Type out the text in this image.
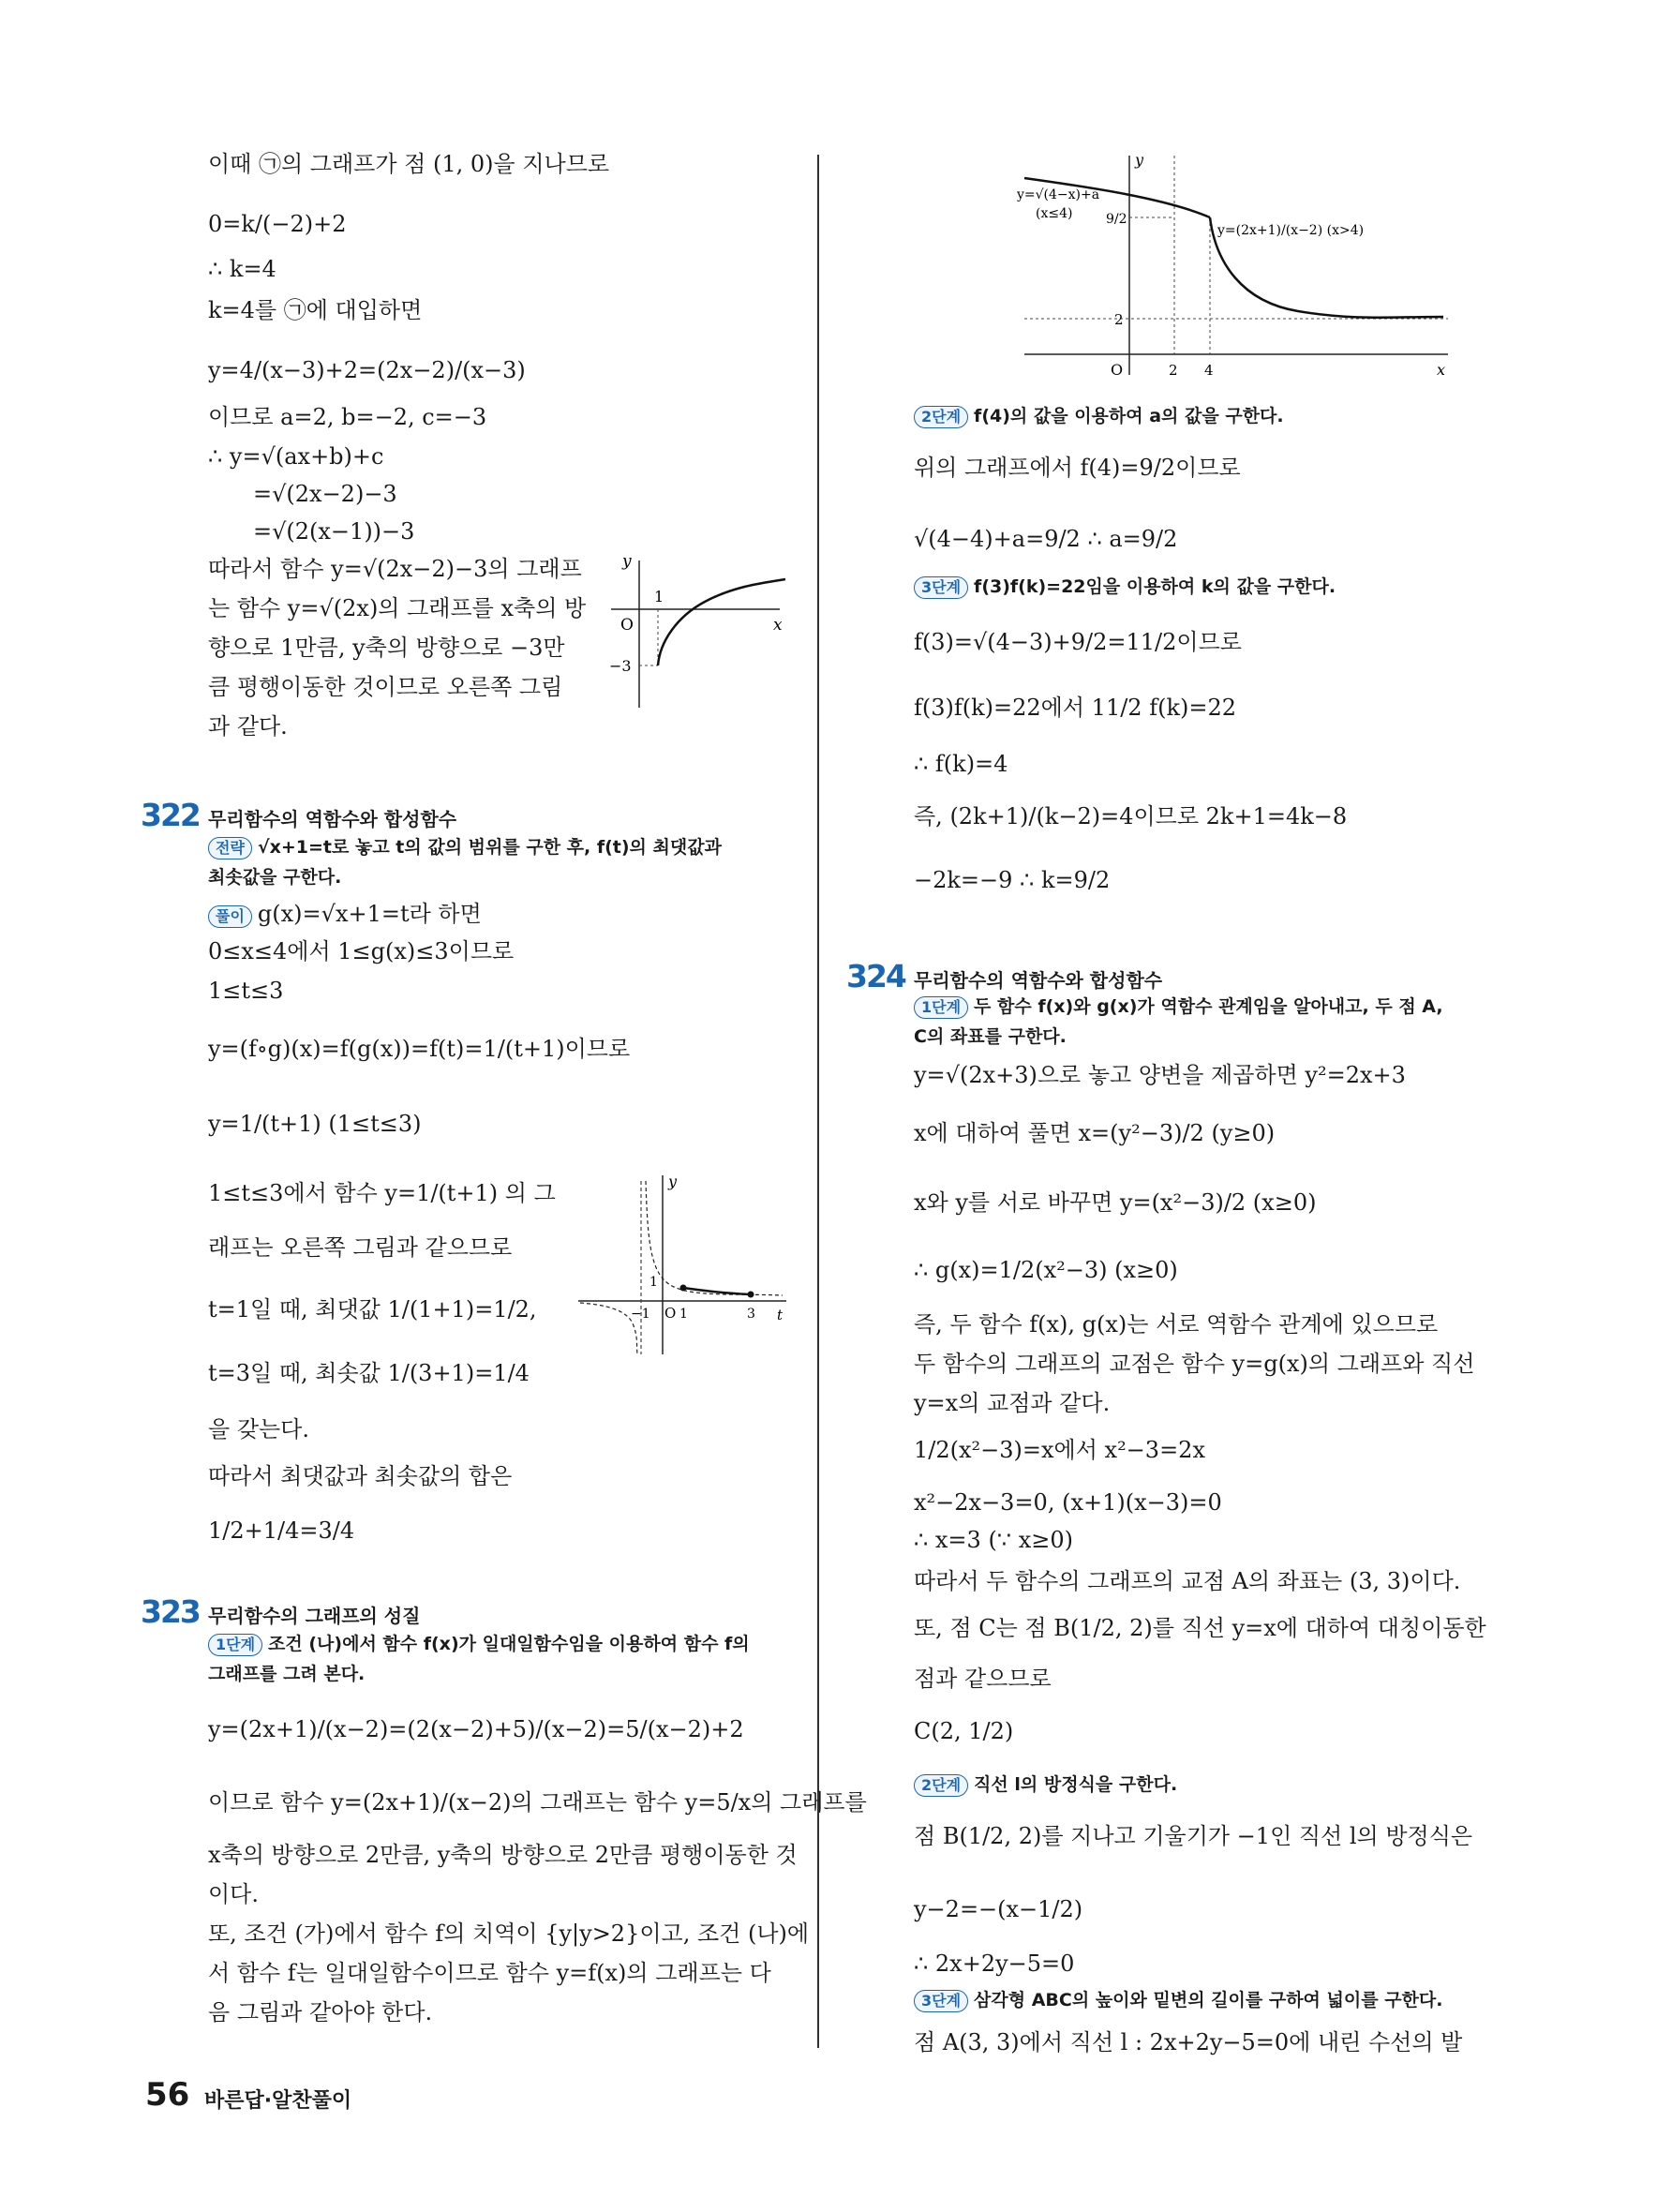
이때 ㉠의 그래프가 점 (1, 0)을 지나므로
0=k/(−2)+2
∴ k=4
k=4를 ㉠에 대입하면
y=4/(x−3)+2=(2x−2)/(x−3)
이므로 a=2, b=−2, c=−3
∴ y=√(ax+b)+c
=√(2x−2)−3
=√(2(x−1))−3
따라서 함수 y=√(2x−2)−3의 그래프
는 함수 y=√(2x)의 그래프를 x축의 방
향으로 1만큼, y축의 방향으로 −3만
큼 평행이동한 것이므로 오른쪽 그림
과 같다.
y
x
O
1
−3
322 무리함수의 역함수와 합성함수
전략 √x+1=t로 놓고 t의 값의 범위를 구한 후, f(t)의 최댓값과
최솟값을 구한다.
풀이 g(x)=√x+1=t라 하면
0≤x≤4에서 1≤g(x)≤3이므로
1≤t≤3
y=(f∘g)(x)=f(g(x))=f(t)=1/(t+1)이므로
y=1/(t+1) (1≤t≤3)
1≤t≤3에서 함수 y=1/(t+1) 의 그
래프는 오른쪽 그림과 같으므로
t=1일 때, 최댓값 1/(1+1)=1/2,
t=3일 때, 최솟값 1/(3+1)=1/4
을 갖는다.
따라서 최댓값과 최솟값의 합은
1/2+1/4=3/4
y
t
O 1	3
−1
1
323 무리함수의 그래프의 성질
1단계 조건 (나)에서 함수 f(x)가 일대일함수임을 이용하여 함수 f의
그래프를 그려 본다.
y=(2x+1)/(x−2)=(2(x−2)+5)/(x−2)=5/(x−2)+2
이므로 함수 y=(2x+1)/(x−2)의 그래프는 함수 y=5/x의 그래프를
x축의 방향으로 2만큼, y축의 방향으로 2만큼 평행이동한 것
이다.
또, 조건 (가)에서 함수 f의 치역이 {y|y>2}이고, 조건 (나)에
서 함수 f는 일대일함수이므로 함수 y=f(x)의 그래프는 다
음 그림과 같아야 한다.
y
x
O	2 4
2
9/2
y=√(4−x)+a
(x≤4)
y=(2x+1)/(x−2) (x>4)
2단계 f(4)의 값을 이용하여 a의 값을 구한다.
위의 그래프에서 f(4)=9/2이므로
√(4−4)+a=9/2 ∴ a=9/2
3단계 f(3)f(k)=22임을 이용하여 k의 값을 구한다.
f(3)=√(4−3)+9/2=11/2이므로
f(3)f(k)=22에서 11/2 f(k)=22
∴ f(k)=4
즉, (2k+1)/(k−2)=4이므로 2k+1=4k−8
−2k=−9 ∴ k=9/2
324 무리함수의 역함수와 합성함수
1단계 두 함수 f(x)와 g(x)가 역함수 관계임을 알아내고, 두 점 A,
C의 좌표를 구한다.
y=√(2x+3)으로 놓고 양변을 제곱하면 y²=2x+3
x에 대하여 풀면 x=(y²−3)/2 (y≥0)
x와 y를 서로 바꾸면 y=(x²−3)/2 (x≥0)
∴ g(x)=1/2(x²−3) (x≥0)
즉, 두 함수 f(x), g(x)는 서로 역함수 관계에 있으므로
두 함수의 그래프의 교점은 함수 y=g(x)의 그래프와 직선
y=x의 교점과 같다.
1/2(x²−3)=x에서 x²−3=2x
x²−2x−3=0, (x+1)(x−3)=0
∴ x=3 (∵ x≥0)
따라서 두 함수의 그래프의 교점 A의 좌표는 (3, 3)이다.
또, 점 C는 점 B(1/2, 2)를 직선 y=x에 대하여 대칭이동한
점과 같으므로
C(2, 1/2)
2단계 직선 l의 방정식을 구한다.
점 B(1/2, 2)를 지나고 기울기가 −1인 직선 l의 방정식은
y−2=−(x−1/2)
∴ 2x+2y−5=0
3단계 삼각형 ABC의 높이와 밑변의 길이를 구하여 넓이를 구한다.
점 A(3, 3)에서 직선 l : 2x+2y−5=0에 내린 수선의 발
56 바른답·알찬풀이
